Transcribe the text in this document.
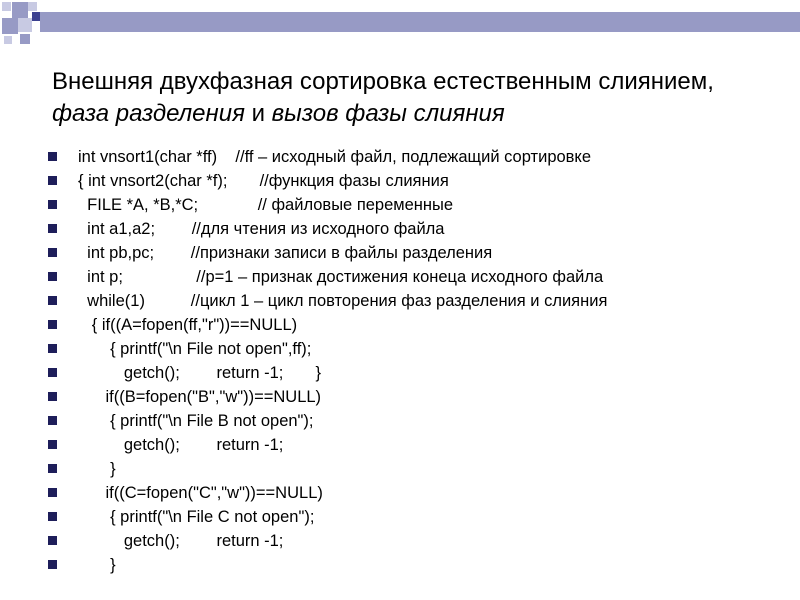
Внешняя двухфазная сортировка естественным слиянием, фаза разделения и вызов фазы слияния
int vnsort1(char *ff)    //ff – исходный файл, подлежащий сортировке
{ int vnsort2(char *f);       //функция фазы слияния
FILE *A, *B,*C;             // файловые переменные
int a1,a2;        //для чтения из исходного файла
int pb,pc;        //признаки записи в файлы разделения
int p;                //p=1 – признак достижения конеца исходного файла
while(1)          //цикл 1 – цикл повторения фаз разделения и слияния
{ if((A=fopen(ff,"r"))==NULL)
{ printf("\n File not open",ff);
getch();        return -1;       }
if((B=fopen("B","w"))==NULL)
{ printf("\n File B not open");
getch();        return -1;
}
if((C=fopen("C","w"))==NULL)
{ printf("\n File C not open");
getch();        return -1;
}
